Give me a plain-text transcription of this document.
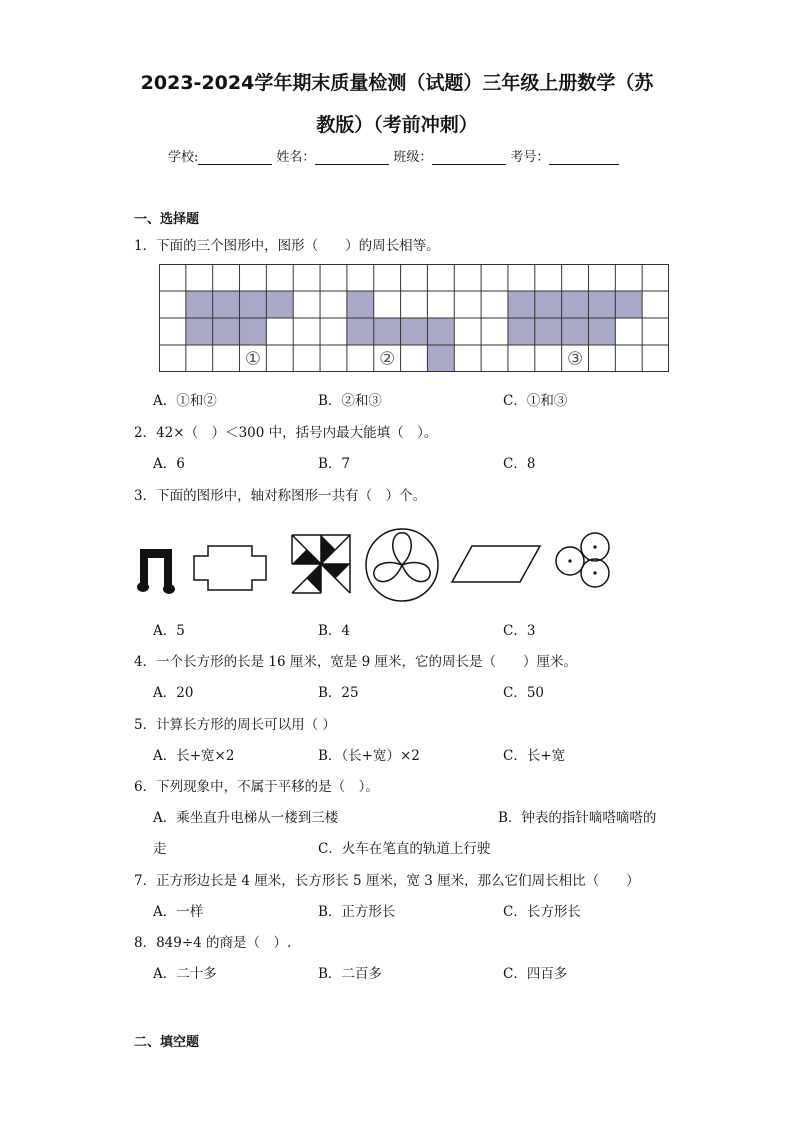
2023-2024学年期末质量检测（试题）三年级上册数学（苏
教版）（考前冲刺）
学校:	姓名：	班级：	考号：
一、选择题
1．下面的三个图形中，图形（　　）的周长相等。
①	②	③
A．①和②	B．②和③	C．①和③
2．42×（　）＜300 中，括号内最大能填（　）。
A．6	B．7	C．8
3．下面的图形中，轴对称图形一共有（　）个。
A．5	B．4	C．3
4．一个长方形的长是 16 厘米，宽是 9 厘米，它的周长是（　　）厘米。
A．20	B．25	C．50
5．计算长方形的周长可以用（ ）
A．长+宽×2	B．（长+宽）×2	C．长+宽
6．下列现象中，不属于平移的是（　）。
A．乘坐直升电梯从一楼到三楼	B．钟表的指针嘀嗒嘀嗒的
走	C．火车在笔直的轨道上行驶
7．正方形边长是 4 厘米，长方形长 5 厘米，宽 3 厘米，那么它们周长相比（　　）
A．一样	B．正方形长	C．长方形长
8．849÷4 的商是（　）.
A．二十多	B．二百多	C．四百多
二、填空题
